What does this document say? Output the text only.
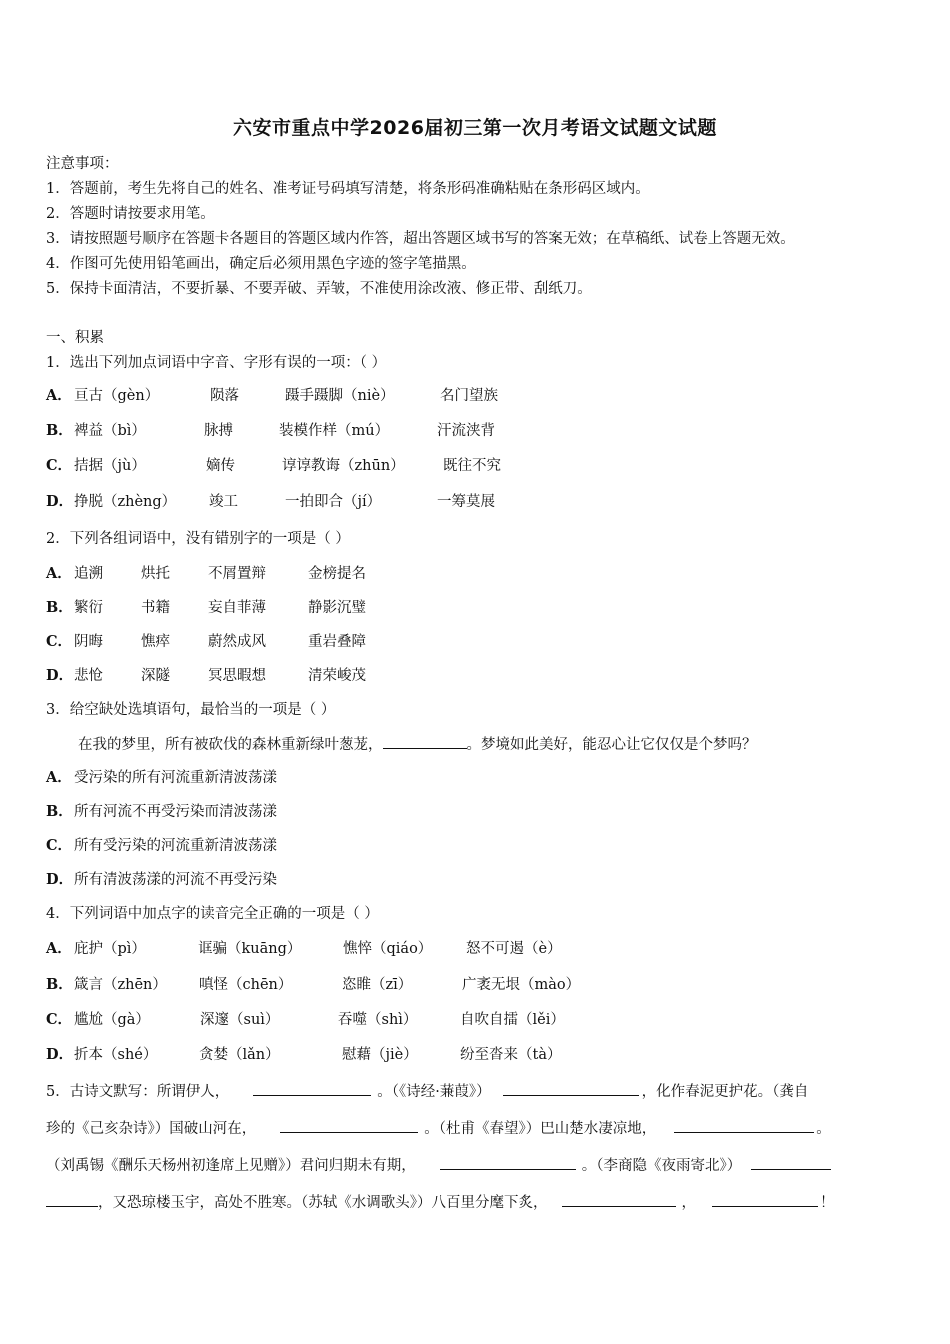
六安市重点中学2026届初三第一次月考语文试题文试题
注意事项：
1．答题前，考生先将自己的姓名、准考证号码填写清楚，将条形码准确粘贴在条形码区域内。
2．答题时请按要求用笔。
3．请按照题号顺序在答题卡各题目的答题区域内作答，超出答题区域书写的答案无效；在草稿纸、试卷上答题无效。
4．作图可先使用铅笔画出，确定后必须用黑色字迹的签字笔描黑。
5．保持卡面清洁，不要折暴、不要弄破、弄皱，不准使用涂改液、修正带、刮纸刀。
一、积累
1．选出下列加点词语中字音、字形有误的一项：（ ）
A． 亘古（gèn）	陨落	蹑手蹑脚（niè）	名门望族
B． 裨益（bì）	脉搏	装模作样（mú）	汗流浃背
C． 拮据（jù）	嫡传	谆谆教诲（zhūn）	既往不究
D． 挣脱（zhèng） 竣工	一拍即合（jí）	一筹莫展
2．下列各组词语中，没有错别字的一项是（ ）
A． 追溯	烘托	不屑置辩	金榜提名
B． 繁衍	书籍	妄自菲薄	静影沉璧
C． 阴晦	憔瘁	蔚然成风	重岩叠障
D． 悲怆	深隧	冥思暇想	清荣峻茂
3．给空缺处选填语句，最恰当的一项是（ ）
在我的梦里，所有被砍伐的森林重新绿叶葱茏，	。梦境如此美好，能忍心让它仅仅是个梦吗？
A． 受污染的所有河流重新清波荡漾
B．所有河流不再受污染而清波荡漾
C． 所有受污染的河流重新清波荡漾
D．所有清波荡漾的河流不再受污染
4．下列词语中加点字的读音完全正确的一项是（ ）
A． 庇护（pì）	诓骗（kuāng）	憔悴（qiáo） 怒不可遏（è）
B． 箴言（zhēn） 嗔怪（chēn）	恣睢（zī）	广袤无垠（mào）
C． 尴尬（gà）	深邃（suì）	吞噬（shì）	自吹自擂（lěi）
D． 折本（shé）	贪婪（lǎn）	慰藉（jiè）	纷至沓来（tà）
5．古诗文默写：所谓伊人，	。（《诗经·蒹葭》）	，化作春泥更护花。（龚自
珍的《己亥杂诗》）国破山河在，	。（杜甫《春望》）巴山楚水凄凉地，	。
（刘禹锡《酬乐天杨州初逢席上见赠》）君问归期未有期，	。（李商隐《夜雨寄北》）
，又恐琼楼玉宇，高处不胜寒。（苏轼《水调歌头》）八百里分麾下炙，	，	！
